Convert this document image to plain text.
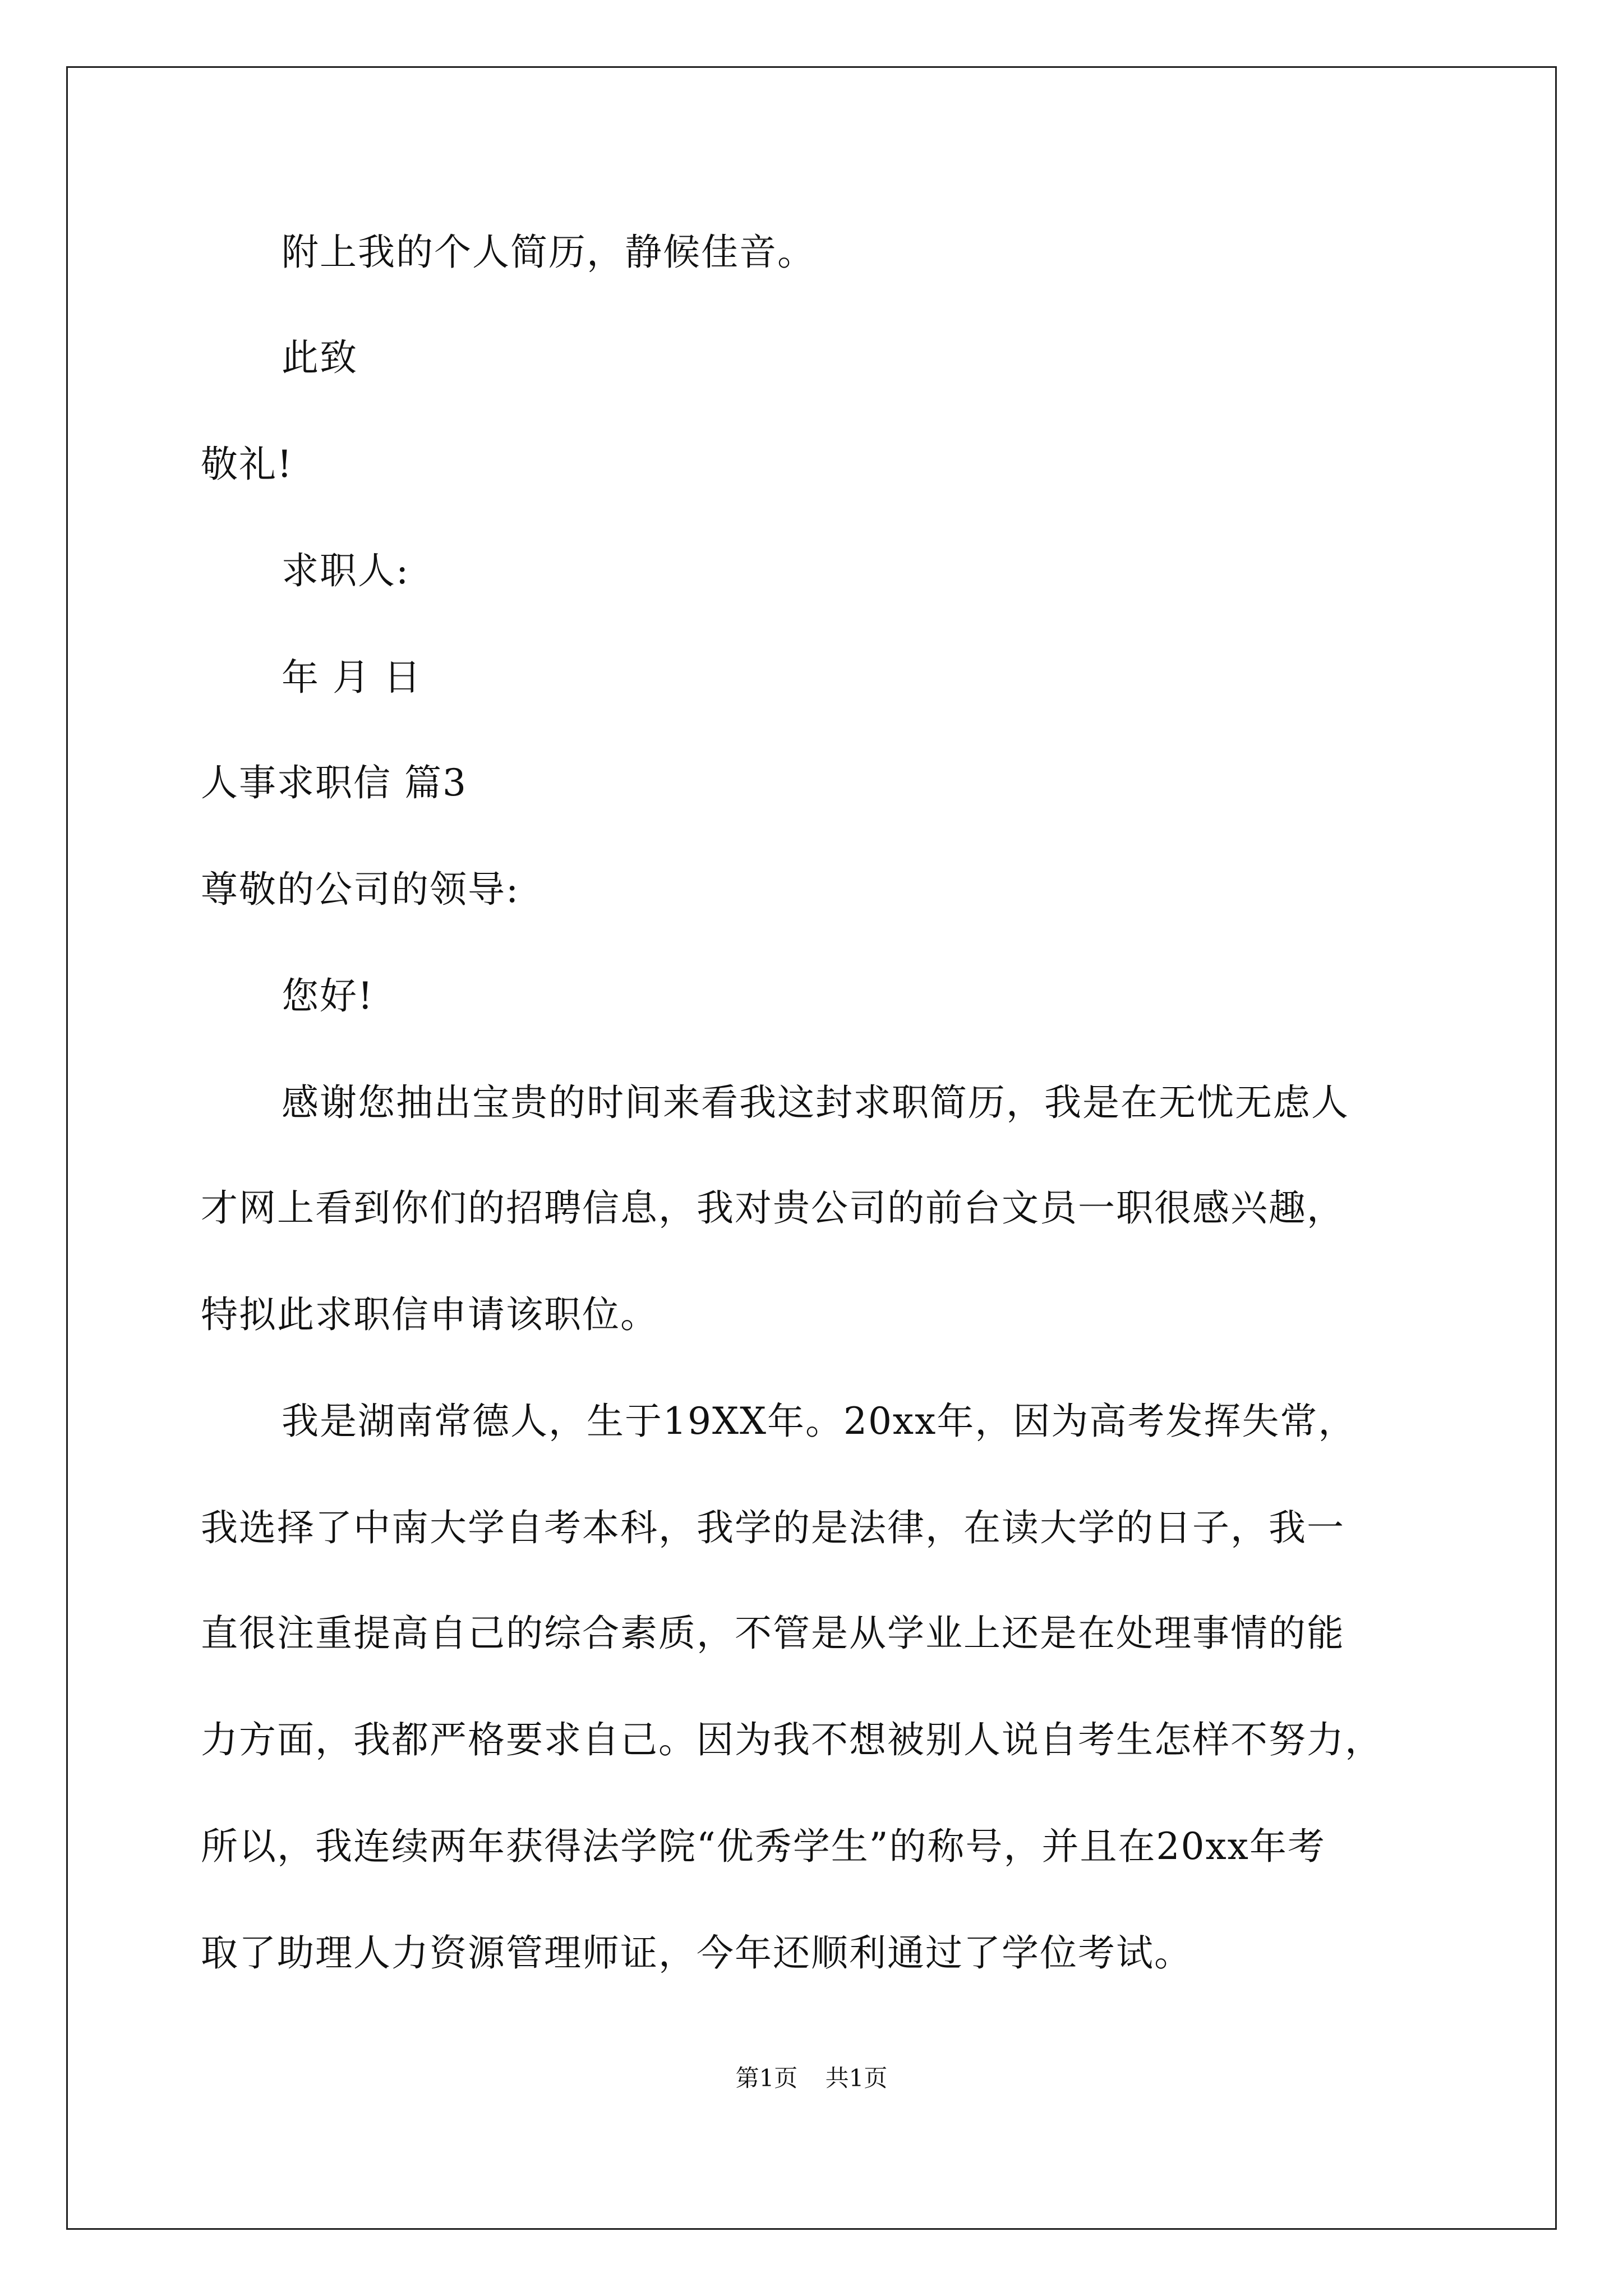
附上我的个人简历，静候佳音。
此致
敬礼!
求职人:
年 月 日
人事求职信 篇3
尊敬的公司的领导:
您好!
感谢您抽出宝贵的时间来看我这封求职简历，我是在无忧无虑人
才网上看到你们的招聘信息，我对贵公司的前台文员一职很感兴趣，
特拟此求职信申请该职位。
我是湖南常德人，生于19XX年。20xx年，因为高考发挥失常，
我选择了中南大学自考本科，我学的是法律，在读大学的日子，我一
直很注重提高自己的综合素质，不管是从学业上还是在处理事情的能
力方面，我都严格要求自己。因为我不想被别人说自考生怎样不努力，
所以，我连续两年获得法学院“优秀学生”的称号，并且在20xx年考
取了助理人力资源管理师证，今年还顺利通过了学位考试。
第1页 共1页
